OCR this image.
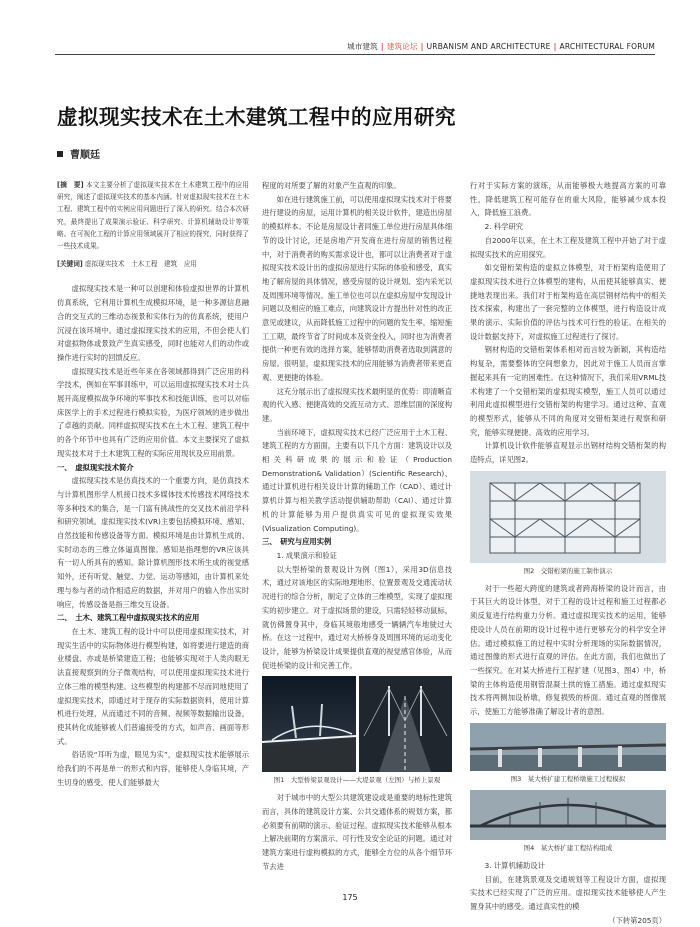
城市建筑 | 建筑论坛 | URBANISM AND ARCHITECTURE | ARCHITECTURAL FORUM
虚拟现实技术在土木建筑工程中的应用研究
曹顺廷

[摘　要] 本文主要分析了虚拟现实技术在土木建筑工程中的应用研究，阐述了虚拟现实技术的基本内涵。针对虚拟现实技术在土木工程、建筑工程中的实例应用问题进行了深入的研究。结合本次研究，最终提出了成果演示验证、科学研究、计算机辅助设计等策略。在可视化工程的计算应用领域展开了相应的探究，同时获得了一些技术成果。

[关键词] 虚拟现实技术　土木工程　建筑　应用

虚拟现实技术是一种可以创建和体验虚拟世界的计算机仿真系统，它利用计算机生成模拟环境，是一种多源信息融合的交互式的三维动态视景和实体行为的仿真系统，使用户沉浸在该环境中。通过虚拟现实技术的应用，不但会使人们对虚拟物体或景致产生真实感受，同时也能对人们的动作或操作进行实时的回馈反应。

虚拟现实技术是近些年来在各领域都得到广泛应用的科学技术，例如在军事训练中，可以运用虚拟现实技术对士兵展开高度模拟战争环境的军事技术和技能训练，也可以对临床医学上的手术过程进行模拟实验，为医疗领域的进步做出了卓越的贡献。同样虚拟现实技术在土木工程、建筑工程中的各个环节中也具有广泛的应用价值。本文主要探究了虚拟现实技术对于土木建筑工程的实际应用现状及应用前景。

一、　虚拟现实技术简介

虚拟现实技术是仿真技术的一个重要方向，是仿真技术与计算机图形学人机接口技术多媒体技术传感技术网络技术等多种技术的集合，是一门富有挑战性的交叉技术前沿学科和研究领域。虚拟现实技术(VR)主要包括模拟环境、感知、自然技能和传感设备等方面。模拟环境是由计算机生成的、实时动态的三维立体逼真图像。感知是指理想的VR应该具有一切人所具有的感知。除计算机图形技术所生成的视觉感知外，还有听觉、触觉、力觉、运动等感知，由计算机来处理与参与者的动作相适应的数据，并对用户的输入作出实时响应，传感设备是指三维交互设备。

二、　土木、建筑工程中虚拟现实技术的应用

在土木、建筑工程的设计中可以使用虚拟现实技术，对现实生活中的实际物体进行模型构建，如将要进行建造的商业楼盘、亦或是桥梁建造工程；也能够实现对于人类肉眼无法直接观察到的分子微观结构，可以使用虚拟现实技术进行立体三维的模型构建。这些模型的构建都不尽而同地使用了虚拟现实技术，即通过对于现存的实际数据资料，使用计算机进行处理，从而通过不同的音频、视频等数据输出设备，使其转化成能够被人们普遍接受的方式，如声音、画面等形式。

俗话说“耳听为虚，眼见为实”，虚拟现实技术能够展示给我们的不再是单一的形式和内容，能够使人身临其境，产生切身的感受，使人们能够最大

程度的对所要了解的对象产生直观的印象。

如在进行建筑施工前，可以使用虚拟现实技术对于将要进行建设的房屋，运用计算机的相关设计软件，建造出房屋的模拟样本。不论是房屋设计者同施工单位进行房屋具体细节的设计讨论，还是房地产开发商在进行房屋的销售过程中，对于消费者的购买需求设计也，都可以让消费者对于虚拟现实技术设计出的虚拟房屋进行实际的体验和感受，真实地了解房屋的具体情况，感受房屋的设计规划、室内采光以及周围环境等情况。施工单位也可以在虚拟房屋中发现设计问题以及相应的施工难点，向建筑设计方提出针对性的改正意见或建议，从而降低施工过程中的问题的发生率，缩短施工工期，最终节省了时间成本及资金投入，同时也为消费者提供一种更有效的选择方案，能够帮助消费者选取到满意的房屋。很明显，虚拟现实技术的应用能够为消费者带来更直观、更便捷的体验。

这充分展示出了虚拟现实技术最明显的优势：即清晰直观的代入感、便捷高效的交流互动方式、思维层面的深度构建。

当前环境下，虚拟现实技术已经广泛应用于土木工程、建筑工程的方方面面，主要有以下几个方面：建筑设计以及相关科研成果的展示和验证（Production Demonstration& Validation）(Scientific Research)、通过计算机进行相关设计计算的辅助工作（CAD）、通过计算机计算与相关教学活动提供辅助帮助（CAI）、通过计算机的计算能够为用户提供真实可见的虚拟现实效果(Visualization Computing)。

三、　研究与应用实例

1. 成果演示和验证

以大型桥梁的景观设计为例（图1），采用3D信息技术，通过对该地区的实际地理地形、位置景观及交通流动状况进行的综合分析，制定了立体的三维模型，实现了虚拟现实的初步建立。对于虚拟场景的建设，只需轻轻移动鼠标，就仿佛置身其中，身临其境般地感受一辆辆汽车地驶过大桥。在这一过程中，通过对大桥桥身及周围环境的运动变化设计，能够为桥梁设计成果提供直观的视觉感官体验，从而促进桥梁的设计和完善工作。

图1　大型桥梁景观设计——大堤景观（左图）与桥上景观

对于城市中的大型公共建筑建设或是重要的地标性建筑而言，具体的建筑设计方案、公共交通体系的规划方案，都必须要有前期的演示、验证过程。虚拟现实技术能够从根本上解决前期的方案演示、可行性及安全论证的问题。通过对建筑方案进行虚构模拟的方式，能够全方位的从各个细节环节去进

行对于实际方案的演练，从而能够极大地提高方案的可靠性，降低建筑工程可能存在的重大风险，能够减少成本投入，降低施工浪费。

2. 科学研究

自2000年以来，在土木工程及建筑工程中开始了对于虚拟现实技术的应用探究。

如交错桁架构造的虚拟立体模型，对于桁架构造使用了虚拟现实技术进行立体模型的建构，从而使其能够真实、便捷地表现出来。我们对于桁架构造在高层钢材结构中的相关技术探索，构建出了一套完整的立体模型，进行构造设计成果的演示、实际价值的评估与技术可行性的验证。在相关的设计数据支持下，对虚拟施工过程进行了探讨。

钢材构造的交错桁架体系相对而言较为新颖，其构造结构复杂，需要整体的空间想象力，因此对于施工人员而言掌握起来具有一定的困难性。在这种情况下，我们采用VRML技术构建了一个交错桁架的虚拟现实模型，施工人员可以通过利用此虚拟模型进行交错桁架的构建学习。通过这种、直观的模型形式，能够从不同的角度对交错桁架进行观察和研究，能够实现便捷、高效的应用学习。

计算机设计软件能够直观显示出钢材结构交错桁架的构造特点，详见图2。

图2　交错桁架的施工制作演示

对于一些超大跨度的建筑或者跨海桥梁的设计而言，由于其巨大的设计体型，对于工程的设计过程和施工过程都必须反复进行结构重力分析。通过虚拟现实技术的运用，能够使设计人员在前期的设计过程中进行更够充分的科学安全评估。通过模拟施工的过程中实时分析现场的实际数据情况，通过图像的形式进行直观的评估。在此方面，我们也做出了一些探究。在对某大桥进行工程扩建（见图3、图4）中，桥梁的主体构造使用钢管混凝土拱的施工措施。通过虚拟现实技术将两侧加设桥墩，修复损毁的桥面。通过直观的图像展示，使施工方能够准确了解设计者的意图。

图3　某大桥扩建工程桥墩施工过程模拟

图4　某大桥扩建工程结构组成

3. 计算机辅助设计

目前，在建筑景观及交通规划等工程设计方面，虚拟现实技术已经实现了广泛的应用。虚拟现实技术能够使人产生置身其中的感受。通过真实性的模

（下转第205页）

175
